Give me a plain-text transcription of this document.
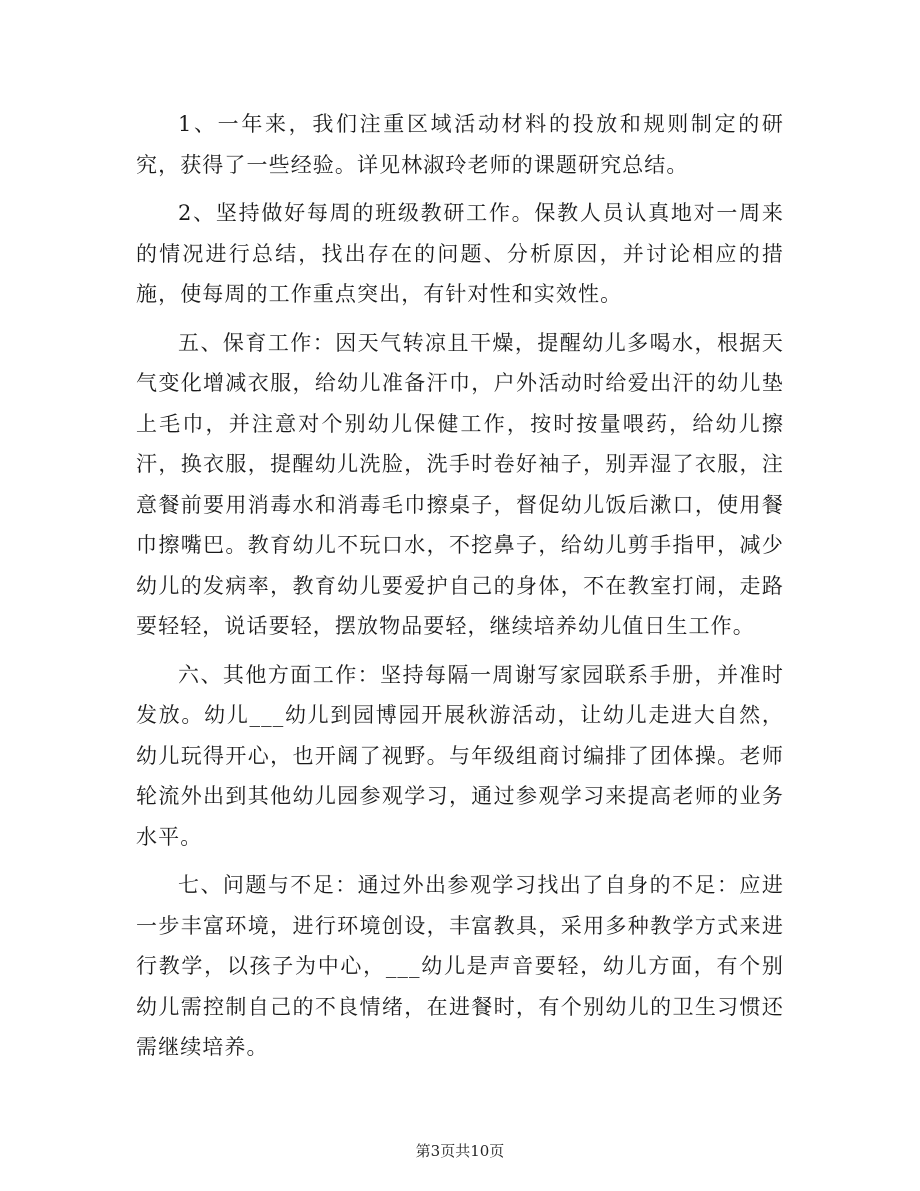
1、一年来，我们注重区域活动材料的投放和规则制定的研究，获得了一些经验。详见林淑玲老师的课题研究总结。

2、坚持做好每周的班级教研工作。保教人员认真地对一周来的情况进行总结，找出存在的问题、分析原因，并讨论相应的措施，使每周的工作重点突出，有针对性和实效性。

五、保育工作：因天气转凉且干燥，提醒幼儿多喝水，根据天气变化增减衣服，给幼儿准备汗巾，户外活动时给爱出汗的幼儿垫上毛巾，并注意对个别幼儿保健工作，按时按量喂药，给幼儿擦汗，换衣服，提醒幼儿洗脸，洗手时卷好袖子，别弄湿了衣服，注意餐前要用消毒水和消毒毛巾擦桌子，督促幼儿饭后漱口，使用餐巾擦嘴巴。教育幼儿不玩口水，不挖鼻子，给幼儿剪手指甲，减少幼儿的发病率，教育幼儿要爱护自己的身体，不在教室打闹，走路要轻轻，说话要轻，摆放物品要轻，继续培养幼儿值日生工作。

六、其他方面工作：坚持每隔一周谢写家园联系手册，并准时发放。幼儿___幼儿到园博园开展秋游活动，让幼儿走进大自然，幼儿玩得开心，也开阔了视野。与年级组商讨编排了团体操。老师轮流外出到其他幼儿园参观学习，通过参观学习来提高老师的业务水平。

七、问题与不足：通过外出参观学习找出了自身的不足：应进一步丰富环境，进行环境创设，丰富教具，采用多种教学方式来进行教学，以孩子为中心，___幼儿是声音要轻，幼儿方面，有个别幼儿需控制自己的不良情绪，在进餐时，有个别幼儿的卫生习惯还需继续培养。

第3页共10页
